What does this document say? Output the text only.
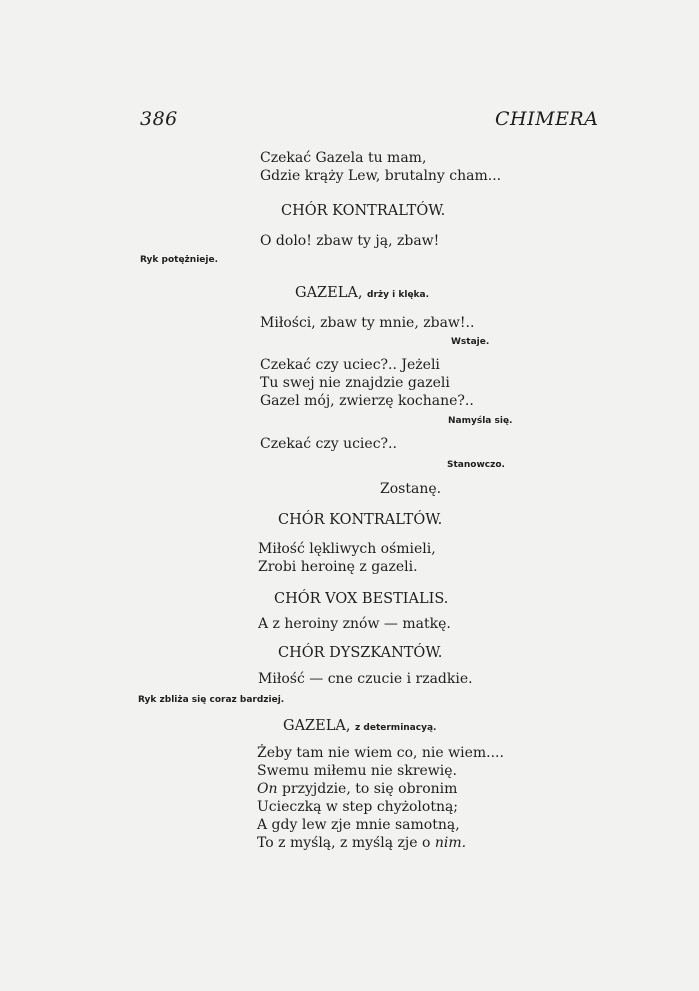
386	CHIMERA
Czekać Gazela tu mam,
Gdzie krąży Lew, brutalny cham...
CHÓR KONTRALTÓW.
O dolo! zbaw ty ją, zbaw!
Ryk potężnieje.
GAZELA, drży i klęka.
Miłości, zbaw ty mnie, zbaw!..
Wstaje.
Czekać czy uciec?.. Jeżeli
Tu swej nie znajdzie gazeli
Gazel mój, zwierzę kochane?..
Namyśla się.
Czekać czy uciec?..
Stanowczo.
Zostanę.
CHÓR KONTRALTÓW.
Miłość lękliwych ośmieli,
Zrobi heroinę z gazeli.
CHÓR VOX BESTIALIS.
A z heroiny znów — matkę.
CHÓR DYSZKANTÓW.
Miłość — cne czucie i rzadkie.
Ryk zbliża się coraz bardziej.
GAZELA, z determinacyą.
Żeby tam nie wiem co, nie wiem....
Swemu miłemu nie skrewię.
On przyjdzie, to się obronim
Ucieczką w step chyżolotną;
A gdy lew zje mnie samotną,
To z myślą, z myślą zje o nim.
